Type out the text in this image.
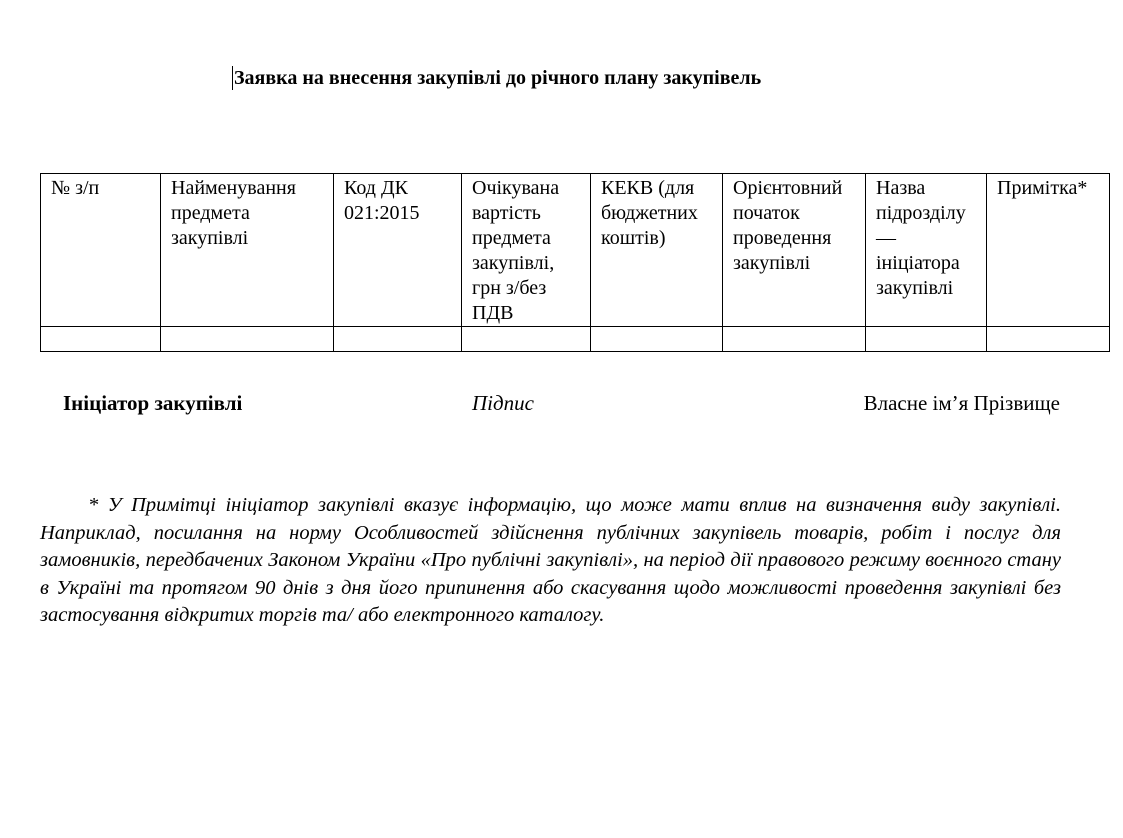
Заявка на внесення закупівлі до річного плану закупівель
№ з/п	Найменування предмета закупівлі	Код ДК 021:2015	Очікувана вартість предмета закупівлі, грн з/без ПДВ	КЕКВ (для бюджетних коштів)	Орієнтовний початок проведення закупівлі	Назва підрозділу — ініціатора закупівлі	Примітка*

Ініціатор закупівлі	Підпис	Власне ім’я Прізвище

* У Примітці ініціатор закупівлі вказує інформацію, що може мати вплив на визначення виду закупівлі. Наприклад, посилання на норму Особливостей здійснення публічних закупівель товарів, робіт і послуг для замовників, передбачених Законом України «Про публічні закупівлі», на період дії правового режиму воєнного стану в Україні та протягом 90 днів з дня його припинення або скасування щодо можливості проведення закупівлі без застосування відкритих торгів та/ або електронного каталогу.
